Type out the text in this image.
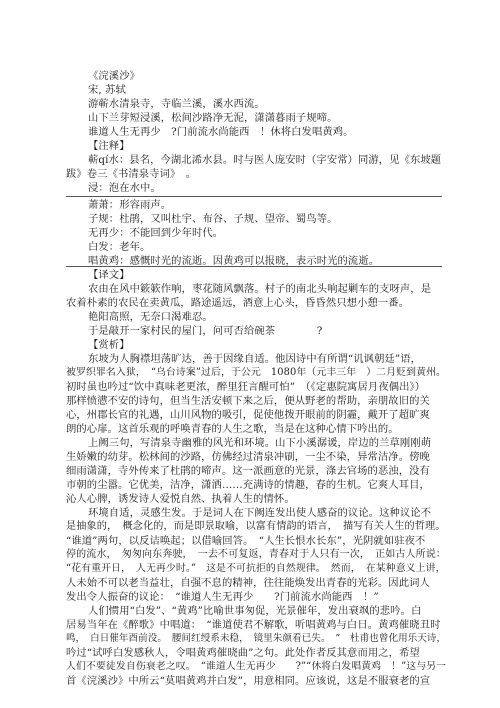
《浣溪沙》
宋, 苏轼
游蕲水清泉寺，寺临兰溪，溪水西流。
山下兰芽短浸溪，松间沙路净无泥，潇潇暮雨子规啼。
谁道人生无再少　?门前流水尚能西　！休将白发唱黄鸡。
【注释】
蕲qí水：县名，今湖北浠水县。时与医人庞安时（字安常）同游，见《东坡题
跋》卷三《书清泉寺词》　。
浸：泡在水中。
萧萧：形容雨声。
子规：杜鹃，又叫杜宇、布谷、子规、望帝、蜀鸟等。
无再少：不能回到少年时代。
白发：老年。
唱黄鸡：感慨时光的流逝。因黄鸡可以报晓，表示时光的流逝。
【译文】
农由在风中簌簌作响，枣花随风飘落。村子的南北头响起剿车的支呀声，是
农着朴素的农民在卖黄瓜，路途遥远，酒意上心头，昏昏然只想小憩一番。
艳阳高照，无奈口渴难忍。
于是敲开一家村民的屋门，问可否给碗茶　　　　?
【赏析】
东坡为人胸襟坦荡旷达，善于因缘自适。他因诗中有所谓“讥讽朝廷”语，
被罗织罪名入狱，　“乌台诗案”过后，于公元　1080年（元丰三年　）二月贬到黄州。
初时虽也吟过“饮中真味老更浓，醉里狂言醒可怕”　（《定惠院寓居月夜偶出》）
那样愤懑不安的诗句，但当生活安顿下来之后，便从野老的帮助，亲朋故旧的关
心，州郡长官的礼遇，山川风物的吸引，促使他拨开眼前的阴霾，戴开了超旷爽
朗的心扉。这首乐观的呼唤青春的人生之歌，当是在这种心情下吟出的。
上阙三句，写清泉寺幽雅的风光和环境。山下小溪潺谖，岸边的兰草刚刚萌
生娇嫩的幼芽。松林间的沙路，仿佛经过清泉冲刷，一尘不染，异常洁净。傍晚
细雨潇潇，寺外传来了杜鹃的啼声。这一派画意的光景，涤去官场的恶浊，没有
市朝的尘嚣。它优美，洁净，潇洒……充满诗的情趣，春的生机。它爽人耳目，
沁人心脾，诱发诗人爱悦自然、执着人生的情怀。
环境自适，灵感生发。于是词人在下阙连发出使人感奋的议论。这种议论不
是抽象的，　概念化的，而是即景取喻，以富有情韵的语言，　描写有关人生的哲理。
“谁道”两句，以反诘唤起；以借喻回答。　“人生长恨水长东”，光阴就如驻夜不
停的流水，　匆匆向东奔驶，　一去不可复返，青春对于人只有一次，　正如古人所说：
“花有重开日，　人无再少时。”　这是不可抗拒的自然规律。　然而，　在某种意义上讲，
人未始不可以老当益壮，自强不息的精神，往往能焕发出青春的光彩。因此词人
发出令人振奋的议论：　“谁道人生无再少　　?门前流水尚能西　！”
人们惯用“白发”、“黄鸡”比喻世事匆促，光景催年，发出衰飒的悲吟。白
居易当年在《醉歌》中唱道：　“谁道使君不解歌，听唱黄鸡与白日。黄鸡催晓丑时
鸣，　白日催年酉前没。　腰间红绶系未稳，　镜里朱颜看已失。　”　杜甫也曾化用乐天诗，
吟过“试呼白发感秋人，令唱黄鸡催晓曲”之句。此处作者反其意而用之，希望
人们不要徒发自伤衰老之叹。　“谁道人生无再少　　?”“休将白发唱黄鸡　！”这与另一
首《浣溪沙》中所云“莫唱黄鸡并白发”，用意相同。应该说，这是不服衰老的宣
